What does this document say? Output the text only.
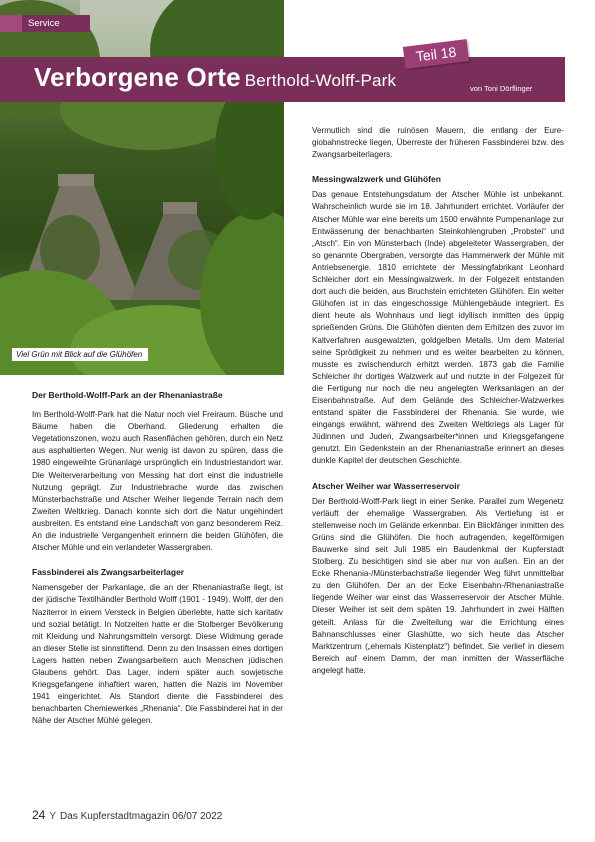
Service
Verborgene Orte Berthold-Wolff-Park	von Toni Dörflinger
Teil 18
Viel Grün mit Blick auf die Glühöfen
Der Berthold-Wolff-Park an der Rhenaniastraße

Im Berthold-Wolff-Park hat die Natur noch viel Freiraum. Büsche und Bäume haben die Oberhand. Gliederung erhalten die Vegetationszonen, wozu auch Rasenflächen gehören, durch ein Netz aus asphaltierten Wegen. Nur wenig ist davon zu spüren, dass die 1980 eingeweihte Grünanlage ursprünglich ein Industriestandort war. Die Weiterverarbeitung von Messing hat dort einst die industrielle Nutzung geprägt. Zur Industriebrache wurde das zwischen Münsterbachstraße und Atscher Weiher liegende Terrain nach dem Zweiten Weltkrieg. Danach konnte sich dort die Natur ungehindert ausbreiten. Es entstand eine Landschaft von ganz besonderem Reiz. An die industrielle Vergangenheit erinnern die beiden Glühöfen, die Atscher Mühle und ein verlandeter Wassergraben.

Fassbinderei als Zwangsarbeiterlager

Namensgeber der Parkanlage, die an der Rhenaniastraße liegt, ist der jüdische Textilhändler Berthold Wolff (1901 - 1949). Wolff, der den Naziterror in einem Versteck in Belgien überlebte, hatte sich karitativ und sozial betätigt. In Notzeiten hatte er die Stolberger Bevölkerung mit Kleidung und Nahrungsmitteln versorgt. Diese Widmung gerade an dieser Stelle ist sinnstiftend. Denn zu den Insassen eines dortigen Lagers hatten neben Zwangsarbeitern auch Menschen jüdischen Glaubens gehört. Das Lager, indem später auch sowjetische Kriegsgefangene inhaftiert waren, hatten die Nazis im November 1941 eingerichtet. Als Standort diente die Fassbinderei des benachbarten Chemiewerkes „Rhenania“. Die Fassbinderei hat in der Nähe der Atscher Mühle gelegen.

Vermutlich sind die ruinösen Mauern, die entlang der Euregiobahnstrecke liegen, Überreste der früheren Fassbinderei bzw. des Zwangsarbeiterlagers.

Messingwalzwerk und Glühöfen

Das genaue Entstehungsdatum der Atscher Mühle ist unbekannt. Wahrscheinlich wurde sie im 18. Jahrhundert errichtet. Vorläufer der Atscher Mühle war eine bereits um 1500 erwähnte Pumpenanlage zur Entwässerung der benachbarten Steinkohlengruben „Probstei“ und „Atsch“. Ein von Münsterbach (Inde) abgeleiteter Wassergraben, der so genannte Obergraben, versorgte das Hammerwerk der Mühle mit Antriebsenergie. 1810 errichtete der Messingfabrikant Leonhard Schleicher dort ein Messingwalzwerk. In der Folgezeit entstanden dort auch die beiden, aus Bruchstein errichteten Glühöfen. Ein weiter Glühofen ist in das eingeschossige Mühlengebäude integriert. Es dient heute als Wohnhaus und liegt idyllisch inmitten des üppig sprießenden Grüns. Die Glühöfen dienten dem Erhitzen des zuvor im Kaltverfahren ausgewalzten, goldgelben Metalls. Um dem Material seine Sprödigkeit zu nehmen und es weiter bearbeiten zu können, musste es zwischendurch erhitzt werden. 1873 gab die Familie Schleicher ihr dortiges Walzwerk auf und nutzte in der Folgezeit für die Fertigung nur noch die neu angelegten Werksanlagen an der Eisenbahnstraße. Auf dem Gelände des Schleicher-Walzwerkes entstand später die Fassbinderei der Rhenania. Sie wurde, wie eingangs erwähnt, während des Zweiten Weltkriegs als Lager für Jüdinnen und Juden, Zwangsarbeiter*innen und Kriegsgefangene genutzt. Ein Gedenkstein an der Rhenaniastraße erinnert an dieses dunkle Kapitel der deutschen Geschichte.

Atscher Weiher war Wasserreservoir

Der Berthold-Wolff-Park liegt in einer Senke. Parallel zum Wegenetz verläuft der ehemalige Wassergraben. Als Vertiefung ist er stellenweise noch im Gelände erkennbar. Ein Blickfänger inmitten des Grüns sind die Glühöfen. Die hoch aufragenden, kegelförmigen Bauwerke sind seit Juli 1985 ein Baudenkmal der Kupferstadt Stolberg. Zu besichtigen sind sie aber nur von außen. Ein an der Ecke Rhenania-/Münsterbachstraße liegender Weg führt unmittelbar zu den Glühöfen. Der an der Ecke Eisenbahn-/Rhenaniastraße liegende Weiher war einst das Wasserreservoir der Atscher Mühle. Dieser Weiher ist seit dem späten 19. Jahrhundert in zwei Hälften geteilt. Anlass für die Zweiteilung war die Errichtung eines Bahnanschlusses einer Glashütte, wo sich heute das Atscher Marktzentrum („ehemals Kistenplatz“) befindet. Sie verlief in diesem Bereich auf einem Damm, der man inmitten der Wasserfläche angelegt hatte.

24 Y Das Kupferstadtmagazin 06/07 2022
